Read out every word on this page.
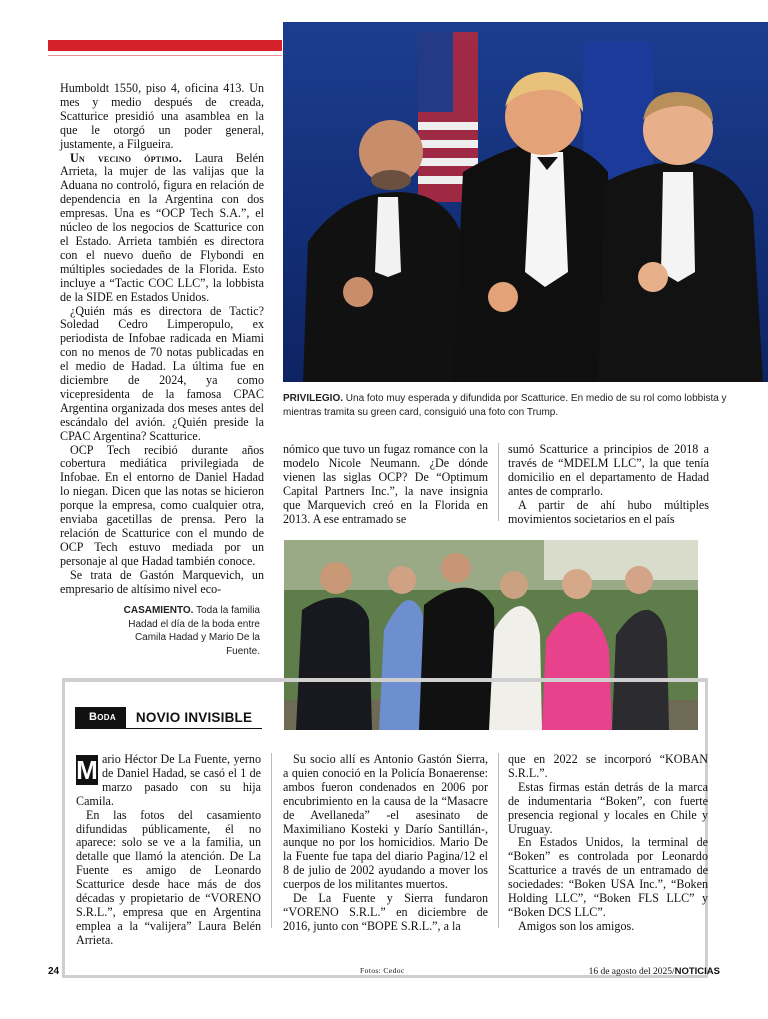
Humboldt 1550, piso 4, oficina 413. Un mes y medio después de creada, Scatturice presidió una asamblea en la que le otorgó un poder general, justamente, a Filgueira.

Un vecino óptimo. Laura Belén Arrieta, la mujer de las valijas que la Aduana no controló, figura en relación de dependencia en la Argentina con dos empresas. Una es “OCP Tech S.A.”, el núcleo de los negocios de Scatturice con el Estado. Arrieta también es directora con el nuevo dueño de Flybondi en múltiples sociedades de la Florida. Esto incluye a “Tactic COC LLC”, la lobbista de la SIDE en Estados Unidos.

¿Quién más es directora de Tactic? Soledad Cedro Limperopulo, ex periodista de Infobae radicada en Miami con no menos de 70 notas publicadas en el medio de Hadad. La última fue en diciembre de 2024, ya como vicepresidenta de la famosa CPAC Argentina organizada dos meses antes del escándalo del avión. ¿Quién preside la CPAC Argentina? Scatturice.

OCP Tech recibió durante años cobertura mediática privilegiada de Infobae. En el entorno de Daniel Hadad lo niegan. Dicen que las notas se hicieron porque la empresa, como cualquier otra, enviaba gacetillas de prensa. Pero la relación de Scatturice con el mundo de OCP Tech estuvo mediada por un personaje al que Hadad también conoce.

Se trata de Gastón Marquevich, un empresario de altísimo nivel eco-

PRIVILEGIO. Una foto muy esperada y difundida por Scatturice. En medio de su rol como lobbista y mientras tramita su green card, consiguió una foto con Trump.

nómico que tuvo un fugaz romance con la modelo Nicole Neumann. ¿De dónde vienen las siglas OCP? De “Optimum Capital Partners Inc.”, la nave insignia que Marquevich creó en la Florida en 2013. A ese entramado se

sumó Scatturice a principios de 2018 a través de “MDELM LLC”, la que tenía domicilio en el departamento de Hadad antes de comprarlo.

A partir de ahí hubo múltiples movimientos societarios en el país

CASAMIENTO. Toda la familia Hadad el día de la boda entre Camila Hadad y Mario De la Fuente.
Boda	NOVIO INVISIBLE

M ario Héctor De La Fuente, yerno de Daniel Hadad, se casó el 1 de marzo pasado con su hija Camila.

En las fotos del casamiento difundidas públicamente, él no aparece: solo se ve a la familia, un detalle que llamó la atención. De La Fuente es amigo de Leonardo Scatturice desde hace más de dos décadas y propietario de “VORENO S.R.L.”, empresa que en Argentina emplea a la “valijera” Laura Belén Arrieta.

Su socio allí es Antonio Gastón Sierra, a quien conoció en la Policía Bonaerense: ambos fueron condenados en 2006 por encubrimiento en la causa de la “Masacre de Avellaneda” -el asesinato de Maximiliano Kosteki y Darío Santillán-, aunque no por los homicidios. Mario De la Fuente fue tapa del diario Pagina/12 el 8 de julio de 2002 ayudando a mover los cuerpos de los militantes muertos.

De La Fuente y Sierra fundaron “VORENO S.R.L.” en diciembre de 2016, junto con “BOPE S.R.L.”, a la

que en 2022 se incorporó “KOBAN S.R.L.”.

Estas firmas están detrás de la marca de indumentaria “Boken”, con fuerte presencia regional y locales en Chile y Uruguay.

En Estados Unidos, la terminal de “Boken” es controlada por Leonardo Scatturice a través de un entramado de sociedades: “Boken USA Inc.”, “Boken Holding LLC”, “Boken FLS LLC” y “Boken DCS LLC”.

Amigos son los amigos.

24	Fotos: Cedoc	16 de agosto del 2025/NOTICIAS
